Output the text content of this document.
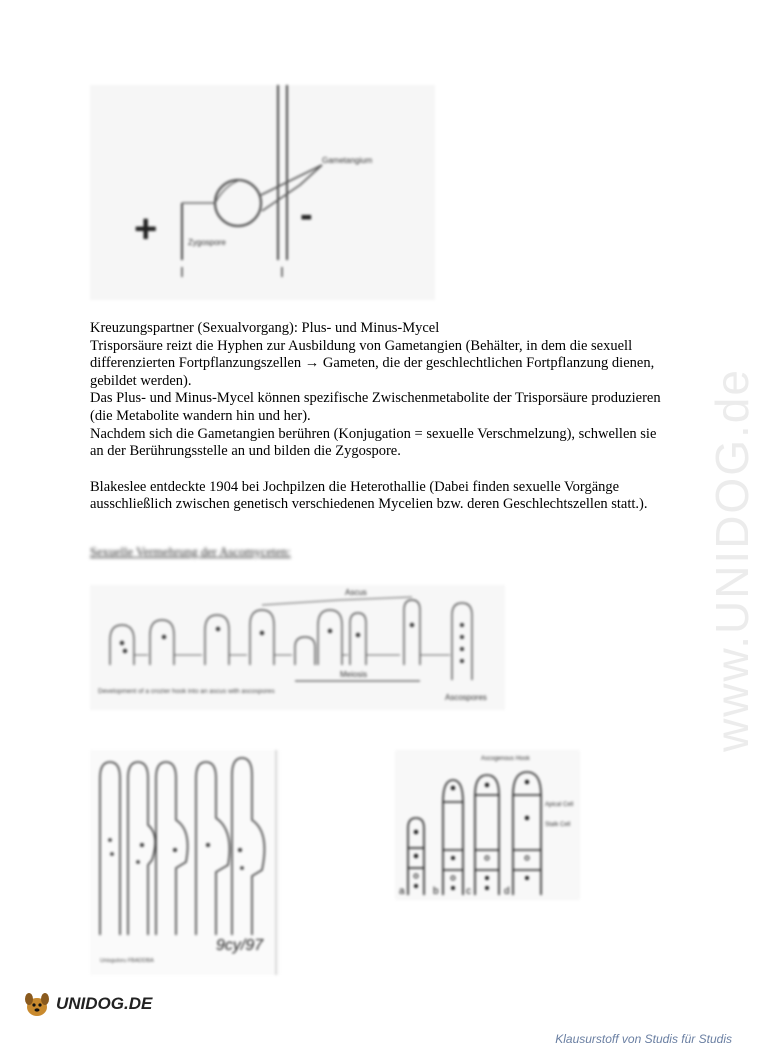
+	-
Gametangium
Zygospore

Kreuzungspartner (Sexualvorgang): Plus- und Minus-Mycel

Trisporsäure reizt die Hyphen zur Ausbildung von Gametangien (Behälter, in dem die sexuell differenzierten Fortpflanzungszellen → Gameten, die der geschlechtlichen Fortpflanzung dienen, gebildet werden).

Das Plus- und Minus-Mycel können spezifische Zwischenmetabolite der Trisporsäure produzieren (die Metabolite wandern hin und her).

Nachdem sich die Gametangien berühren (Konjugation = sexuelle Verschmelzung), schwellen sie an der Berührungsstelle an und bilden die Zygospore.

Blakeslee entdeckte 1904 bei Jochpilzen die Heterothallie (Dabei finden sexuelle Vorgänge ausschließlich zwischen genetisch verschiedenen Mycelien bzw. deren Geschlechtszellen statt.).

Sexuelle Vermehrung der Ascomyceten:
Ascus
Meiosis
Ascospores
Development of a crozier hook into an ascus with ascospores
Unisguloru FBADDBA
9cy/97
Ascogenous Hook
Apical Cell
Stalk Cell
a	b	c	d
www.UNIDOG.de
UNIDOG.DE
Klausurstoff von Studis für Studis
